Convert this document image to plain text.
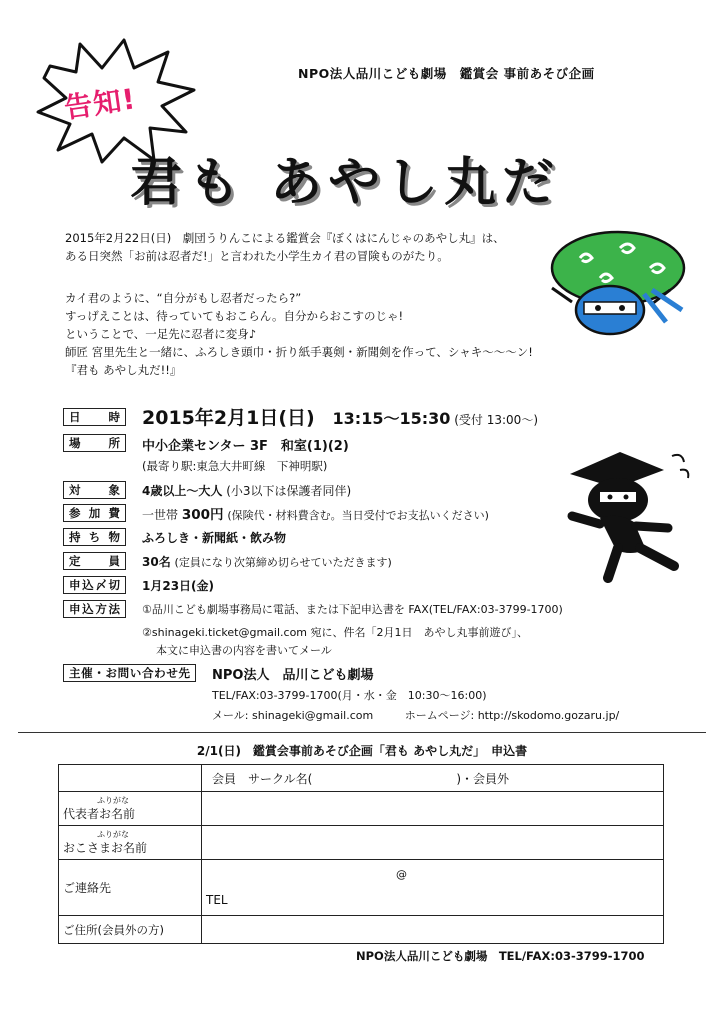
NPO法人品川こども劇場　鑑賞会 事前あそび企画
告知!
君も あやし丸だ
2015年2月22日(日)　劇団うりんこによる鑑賞会『ぼくはにんじゃのあやし丸』は、
ある日突然「お前は忍者だ!」と言われた小学生カイ君の冒険ものがたり。
カイ君のように、“自分がもし忍者だったら?”
すっげえことは、待っていてもおこらん。自分からおこすのじゃ!
ということで、一足先に忍者に変身♪
師匠 宮里先生と一緒に、ふろしき頭巾・折り紙手裏剣・新聞剣を作って、シャキ～～～ン!
『君も あやし丸だ!!』
日時	2015年2月1日(日) 13:15～15:30 (受付 13:00～)
場所	中小企業センター 3F　和室(1)(2)
(最寄り駅:東急大井町線　下神明駅)
対象	4歳以上～大人 (小3以下は保護者同伴)
参加費	一世帯 300円 (保険代・材料費含む。当日受付でお支払いください)
持ち物	ふろしき・新聞紙・飲み物
定員	30名 (定員になり次第締め切らせていただきます)
申込〆切	1月23日(金)
申込方法	①品川こども劇場事務局に電話、または下記申込書を FAX(TEL/FAX:03-3799-1700)
②shinageki.ticket@gmail.com 宛に、件名「2月1日　あやし丸事前遊び」、
本文に申込書の内容を書いてメール
主催・お問い合わせ先	NPO法人　品川こども劇場
TEL/FAX:03-3799-1700(月・水・金　10:30～16:00)
メール: shinageki@gmail.com	ホームページ: http://skodomo.gozaru.jp/
2/1(日)　鑑賞会事前あそび企画「君も あやし丸だ」　申込書
	会員　サークル名(　　　　　　　　　　　　)・会員外

ふりがな
代表者お名前	

ふりがな
おこさまお名前	
ご連絡先	@
TEL

ご住所(会員外の方)	
NPO法人品川こども劇場　TEL/FAX:03-3799-1700
